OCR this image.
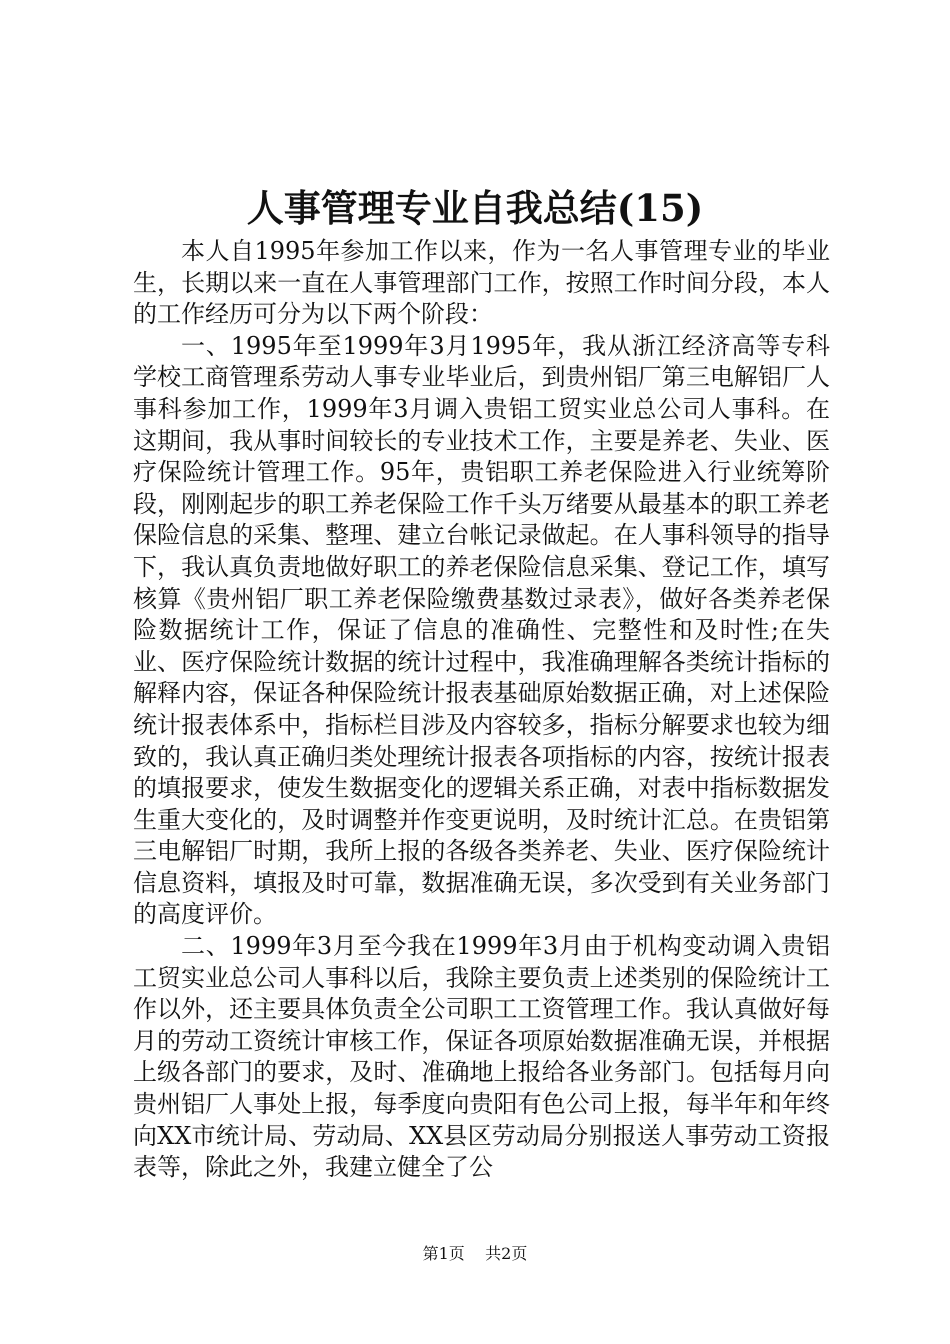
人事管理专业自我总结(15)

本人自1995年参加工作以来，作为一名人事管理专业的毕业生，长期以来一直在人事管理部门工作，按照工作时间分段，本人的工作经历可分为以下两个阶段：

一、1995年至1999年3月1995年，我从浙江经济高等专科学校工商管理系劳动人事专业毕业后，到贵州铝厂第三电解铝厂人事科参加工作，1999年3月调入贵铝工贸实业总公司人事科。在这期间，我从事时间较长的专业技术工作，主要是养老、失业、医疗保险统计管理工作。95年，贵铝职工养老保险进入行业统筹阶段，刚刚起步的职工养老保险工作千头万绪要从最基本的职工养老保险信息的采集、整理、建立台帐记录做起。在人事科领导的指导下，我认真负责地做好职工的养老保险信息采集、登记工作，填写核算《贵州铝厂职工养老保险缴费基数过录表》，做好各类养老保险数据统计工作，保证了信息的准确性、完整性和及时性;在失业、医疗保险统计数据的统计过程中，我准确理解各类统计指标的解释内容，保证各种保险统计报表基础原始数据正确，对上述保险统计报表体系中，指标栏目涉及内容较多，指标分解要求也较为细致的，我认真正确归类处理统计报表各项指标的内容，按统计报表的填报要求，使发生数据变化的逻辑关系正确，对表中指标数据发生重大变化的，及时调整并作变更说明，及时统计汇总。在贵铝第三电解铝厂时期，我所上报的各级各类养老、失业、医疗保险统计信息资料，填报及时可靠，数据准确无误，多次受到有关业务部门的高度评价。

二、1999年3月至今我在1999年3月由于机构变动调入贵铝工贸实业总公司人事科以后，我除主要负责上述类别的保险统计工作以外，还主要具体负责全公司职工工资管理工作。我认真做好每月的劳动工资统计审核工作，保证各项原始数据准确无误，并根据上级各部门的要求，及时、准确地上报给各业务部门。包括每月向贵州铝厂人事处上报，每季度向贵阳有色公司上报，每半年和年终向XX市统计局、劳动局、XX县区劳动局分别报送人事劳动工资报表等，除此之外，我建立健全了公

第1页 共2页
